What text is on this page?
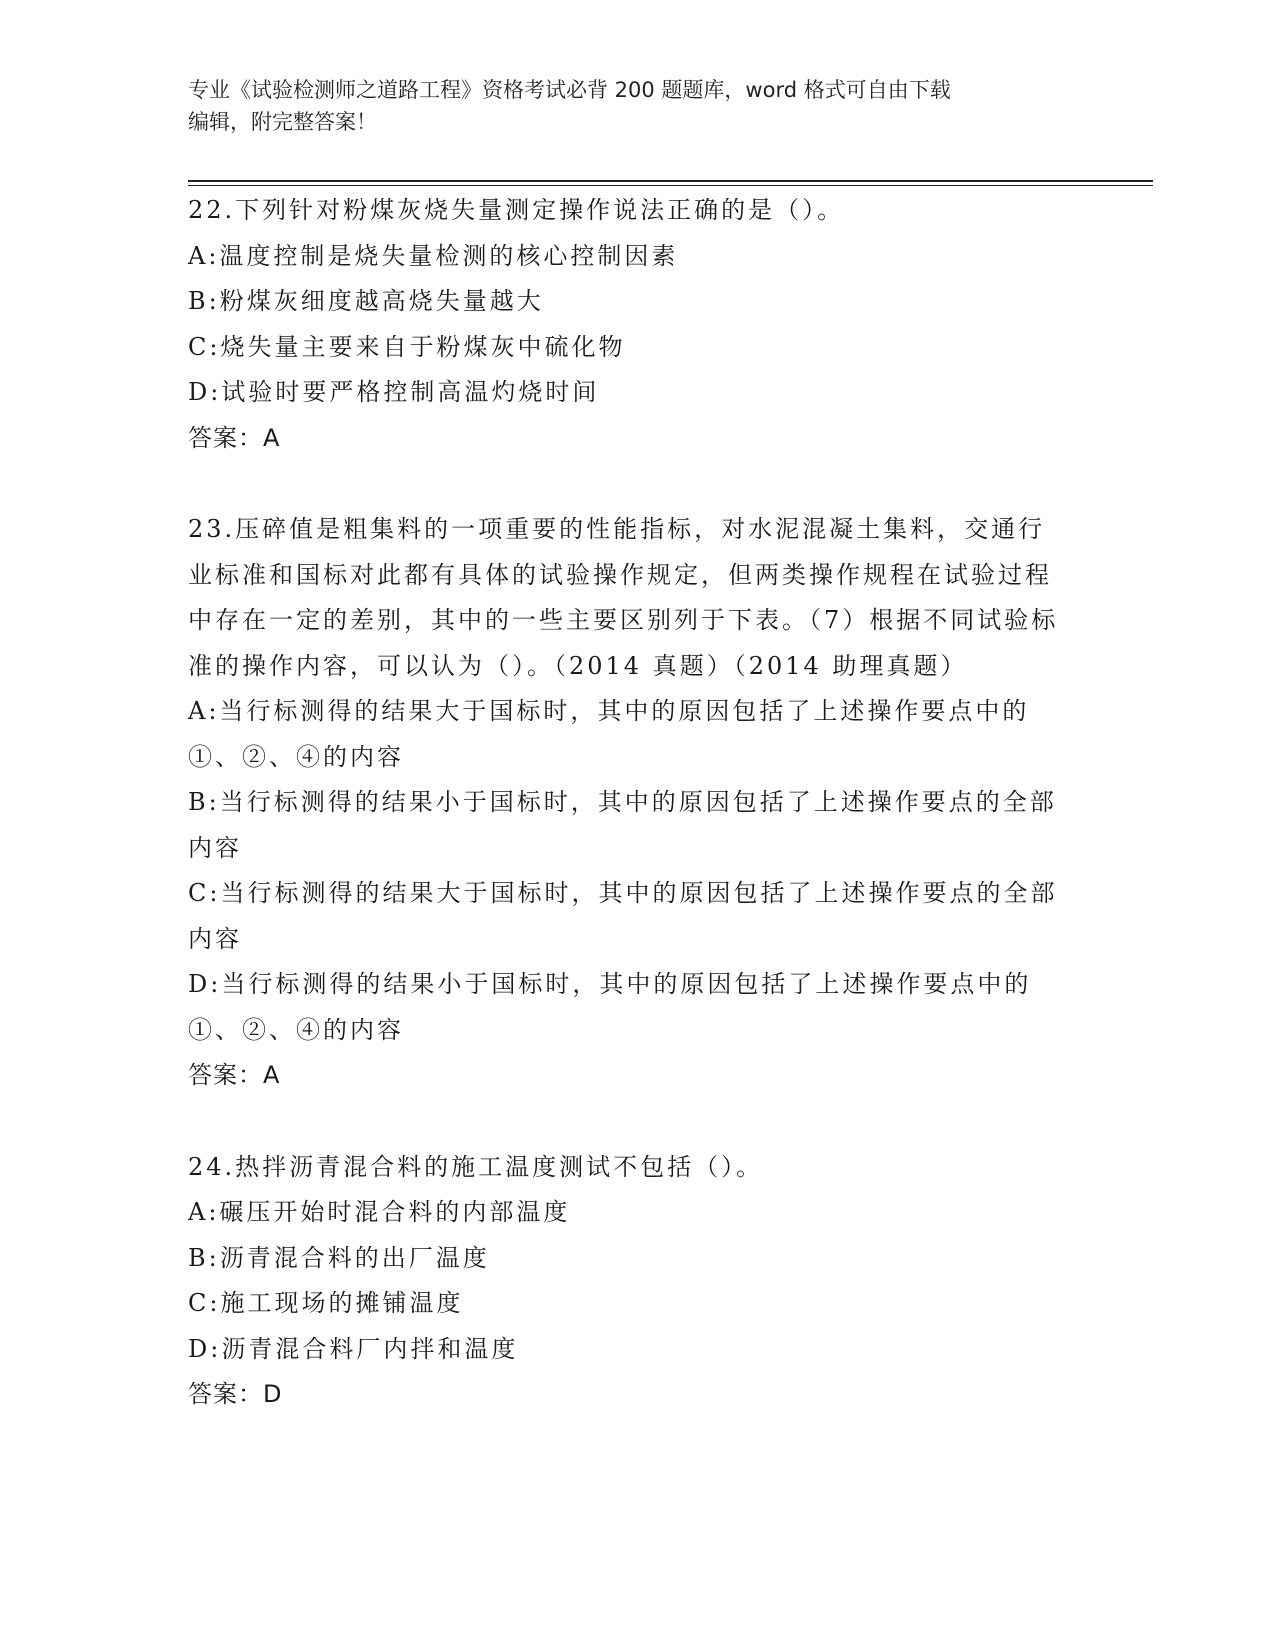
专业《试验检测师之道路工程》资格考试必背 200 题题库，word 格式可自由下载

编辑，附完整答案！

22.下列针对粉煤灰烧失量测定操作说法正确的是（）。

A:温度控制是烧失量检测的核心控制因素

B:粉煤灰细度越高烧失量越大

C:烧失量主要来自于粉煤灰中硫化物

D:试验时要严格控制高温灼烧时间

答案：A

23.压碎值是粗集料的一项重要的性能指标，对水泥混凝土集料，交通行业标准和国标对此都有具体的试验操作规定，但两类操作规程在试验过程中存在一定的差别，其中的一些主要区别列于下表。（7）根据不同试验标准的操作内容，可以认为（）。（2014 真题）（2014 助理真题）

A:当行标测得的结果大于国标时，其中的原因包括了上述操作要点中的①、②、④的内容

B:当行标测得的结果小于国标时，其中的原因包括了上述操作要点的全部内容

C:当行标测得的结果大于国标时，其中的原因包括了上述操作要点的全部内容

D:当行标测得的结果小于国标时，其中的原因包括了上述操作要点中的①、②、④的内容

答案：A

24.热拌沥青混合料的施工温度测试不包括（）。

A:碾压开始时混合料的内部温度

B:沥青混合料的出厂温度

C:施工现场的摊铺温度

D:沥青混合料厂内拌和温度

答案：D
